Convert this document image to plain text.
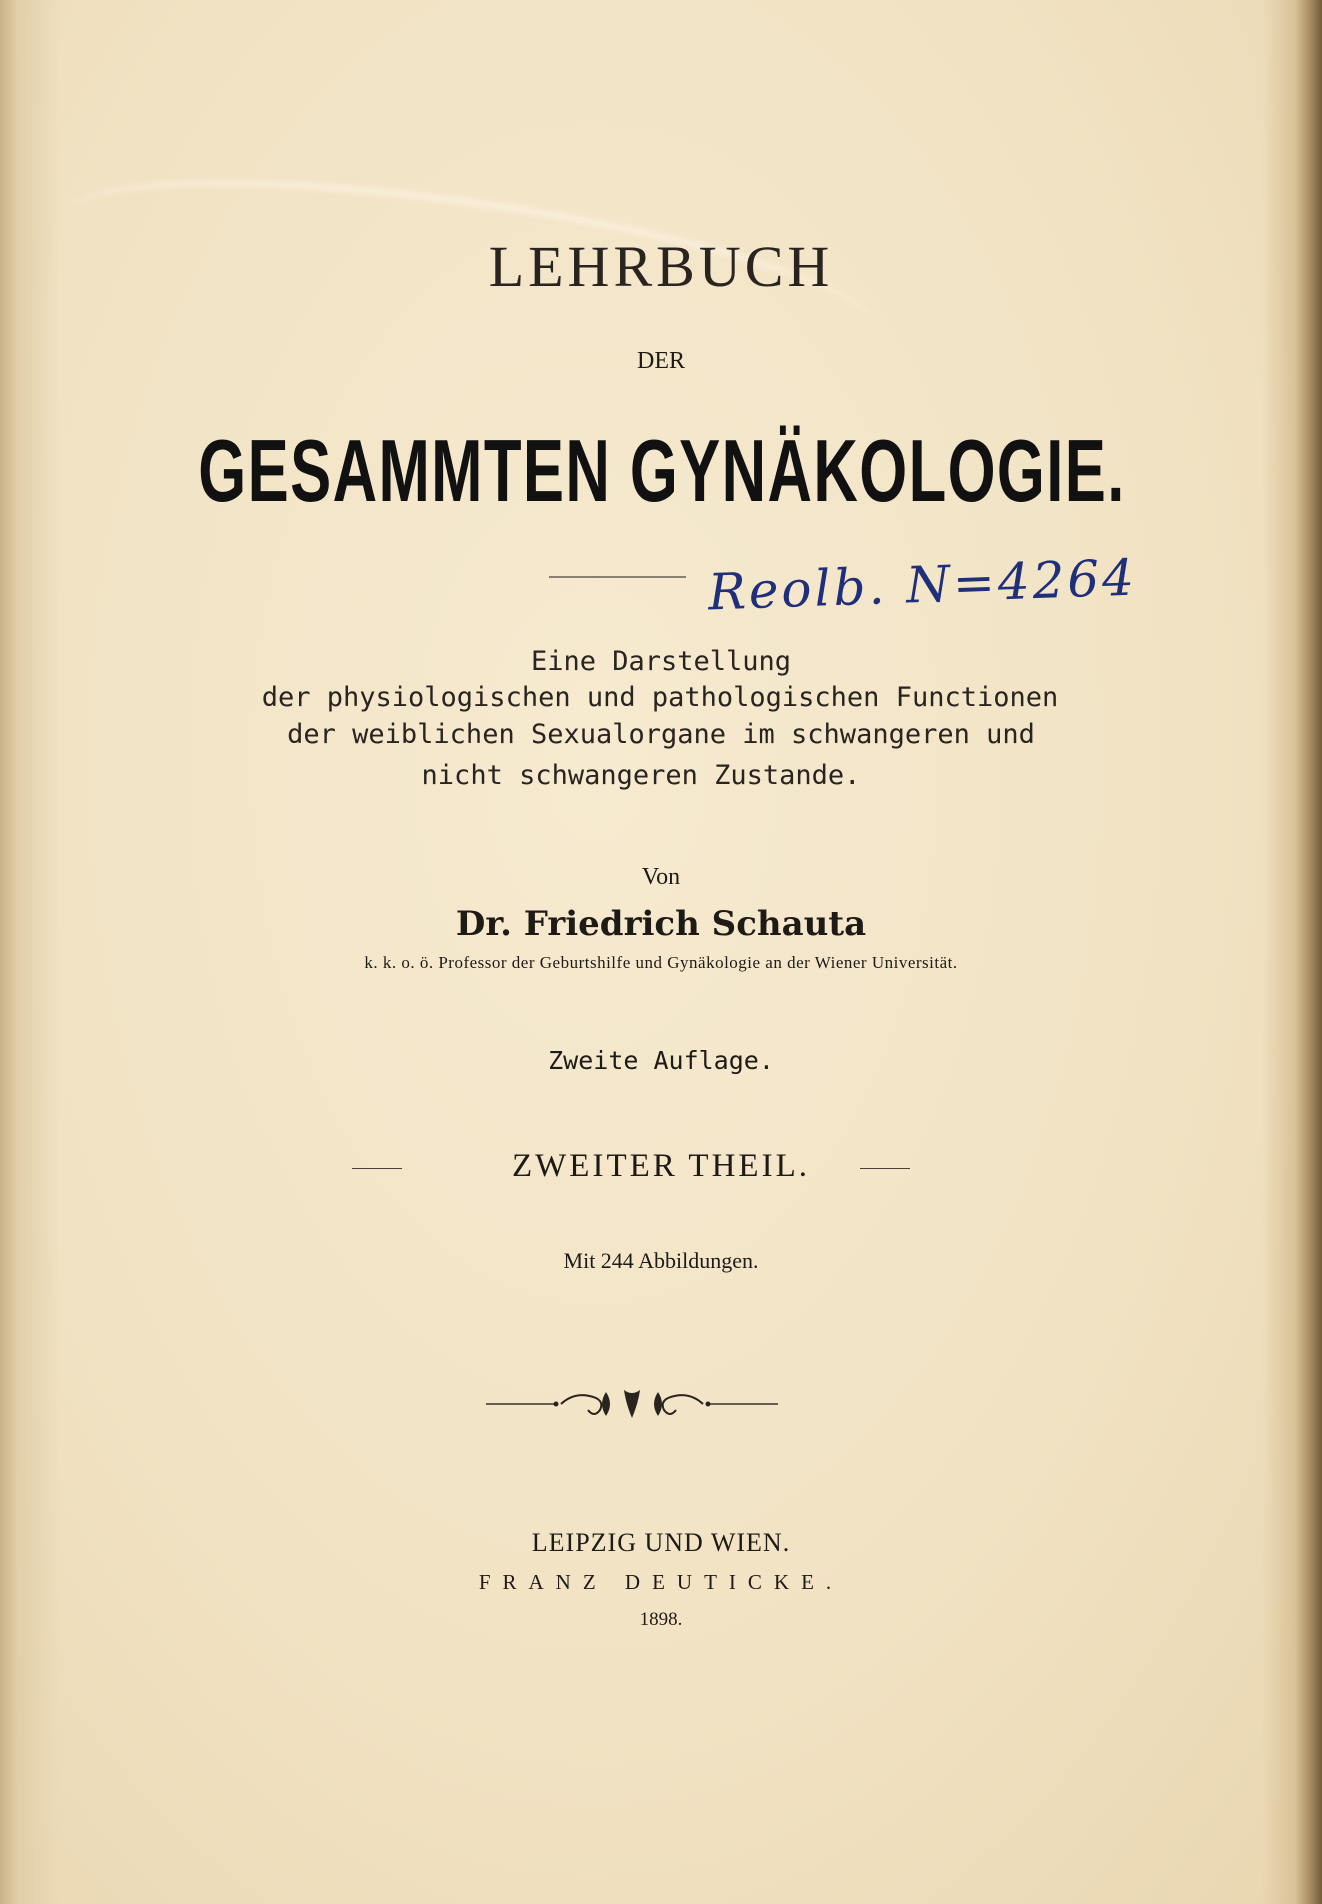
LEHRBUCH
DER
GESAMMTEN GYNÄKOLOGIE.
Reolb. N=4264
Eine Darstellung
der physiologischen und pathologischen Functionen
der weiblichen Sexualorgane im schwangeren und
nicht schwangeren Zustande.
Von
Dr. Friedrich Schauta
k. k. o. ö. Professor der Geburtshilfe und Gynäkologie an der Wiener Universität.
Zweite Auflage.
ZWEITER THEIL.
Mit 244 Abbildungen.
LEIPZIG UND WIEN.
FRANZ DEUTICKE.
1898.
